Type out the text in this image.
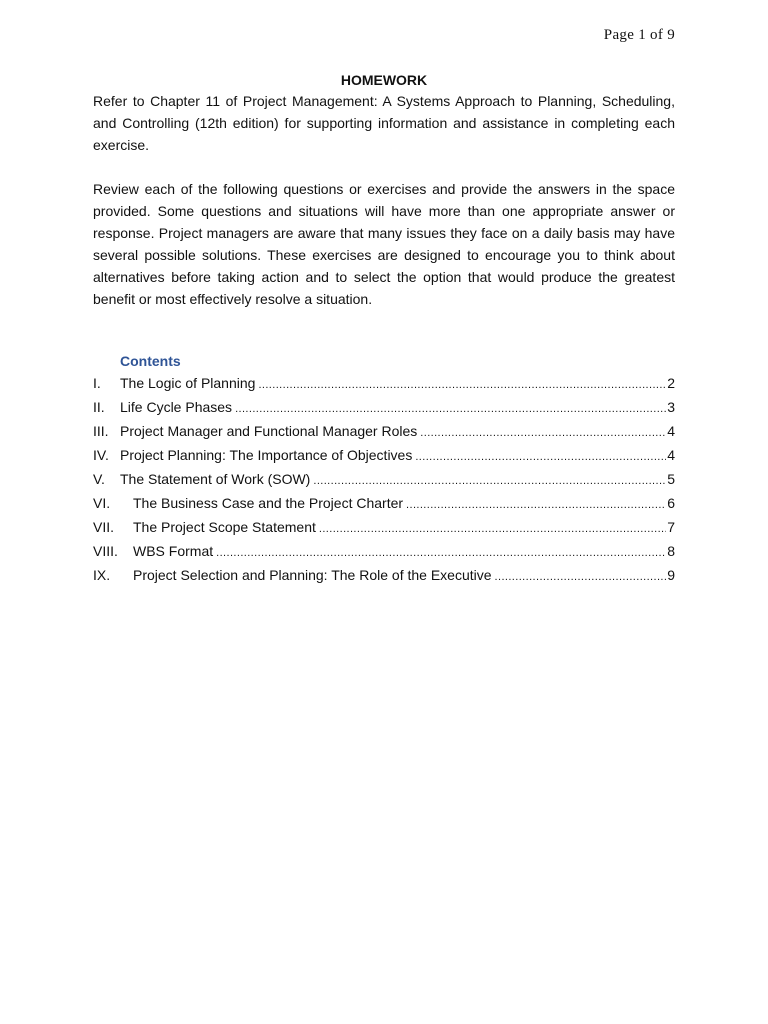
Page 1 of 9
HOMEWORK

Refer to Chapter 11 of Project Management: A Systems Approach to Planning, Scheduling, and Controlling (12th edition) for supporting information and assistance in completing each exercise.

Review each of the following questions or exercises and provide the answers in the space provided. Some questions and situations will have more than one appropriate answer or response. Project managers are aware that many issues they face on a daily basis may have several possible solutions. These exercises are designed to encourage you to think about alternatives before taking action and to select the option that would produce the greatest benefit or most effectively resolve a situation.

Contents
I.	The Logic of Planning .....	2
II.	Life Cycle Phases .....	3
III. Project Manager and Functional Manager Roles .....	4
IV. Project Planning: The Importance of Objectives .....	4
V.	The Statement of Work (SOW) .....	5
VI.	The Business Case and the Project Charter .....	6
VII.	The Project Scope Statement .....	7
VIII.	WBS Format .....	8
IX.	Project Selection and Planning: The Role of the Executive .....	9
